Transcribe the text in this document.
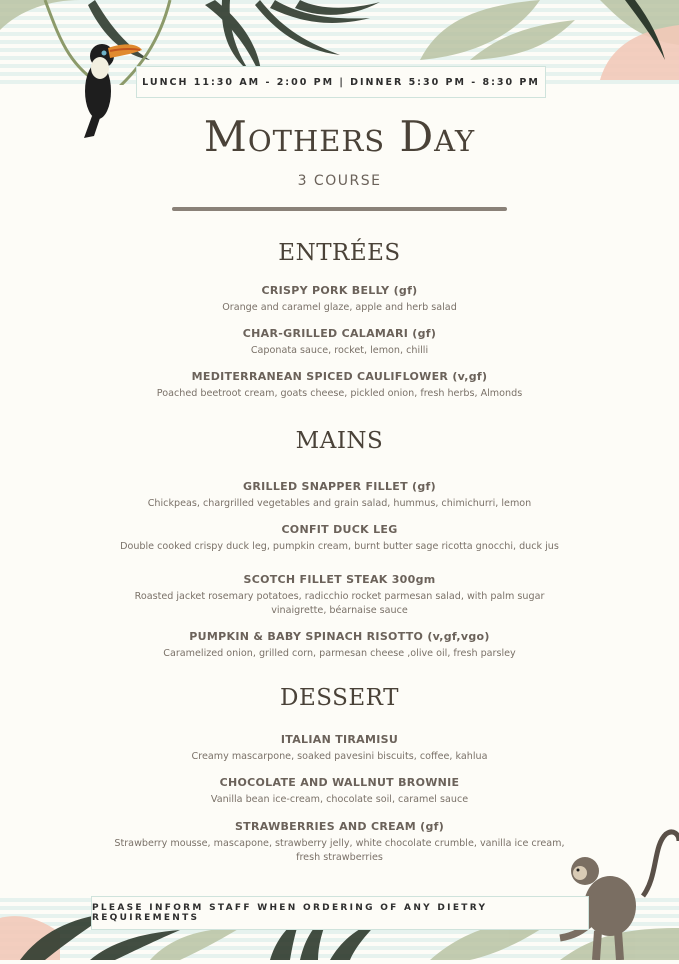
LUNCH 11:30 AM - 2:00 PM | DINNER 5:30 PM - 8:30 PM
Mothers Day
3 COURSE
ENTRÉES
CRISPY PORK BELLY (gf)
Orange and caramel glaze, apple and herb salad
CHAR-GRILLED CALAMARI (gf)
Caponata sauce, rocket, lemon, chilli
MEDITERRANEAN SPICED CAULIFLOWER (v,gf)
Poached beetroot cream, goats cheese, pickled onion, fresh herbs, Almonds
MAINS
GRILLED SNAPPER FILLET (gf)
Chickpeas, chargrilled vegetables and grain salad, hummus, chimichurri, lemon
CONFIT DUCK LEG
Double cooked crispy duck leg, pumpkin cream, burnt butter sage ricotta gnocchi, duck jus
SCOTCH FILLET STEAK 300gm
Roasted jacket rosemary potatoes, radicchio rocket parmesan salad, with palm sugar vinaigrette, béarnaise sauce
PUMPKIN & BABY SPINACH RISOTTO (v,gf,vgo)
Caramelized onion, grilled corn, parmesan cheese ,olive oil, fresh parsley
DESSERT
ITALIAN TIRAMISU
Creamy mascarpone, soaked pavesini biscuits, coffee, kahlua
CHOCOLATE AND WALLNUT BROWNIE
Vanilla bean ice-cream, chocolate soil, caramel sauce
STRAWBERRIES AND CREAM (gf)
Strawberry mousse, mascapone, strawberry jelly, white chocolate crumble, vanilla ice cream, fresh strawberries
PLEASE INFORM STAFF WHEN ORDERING OF ANY DIETRY REQUIREMENTS
